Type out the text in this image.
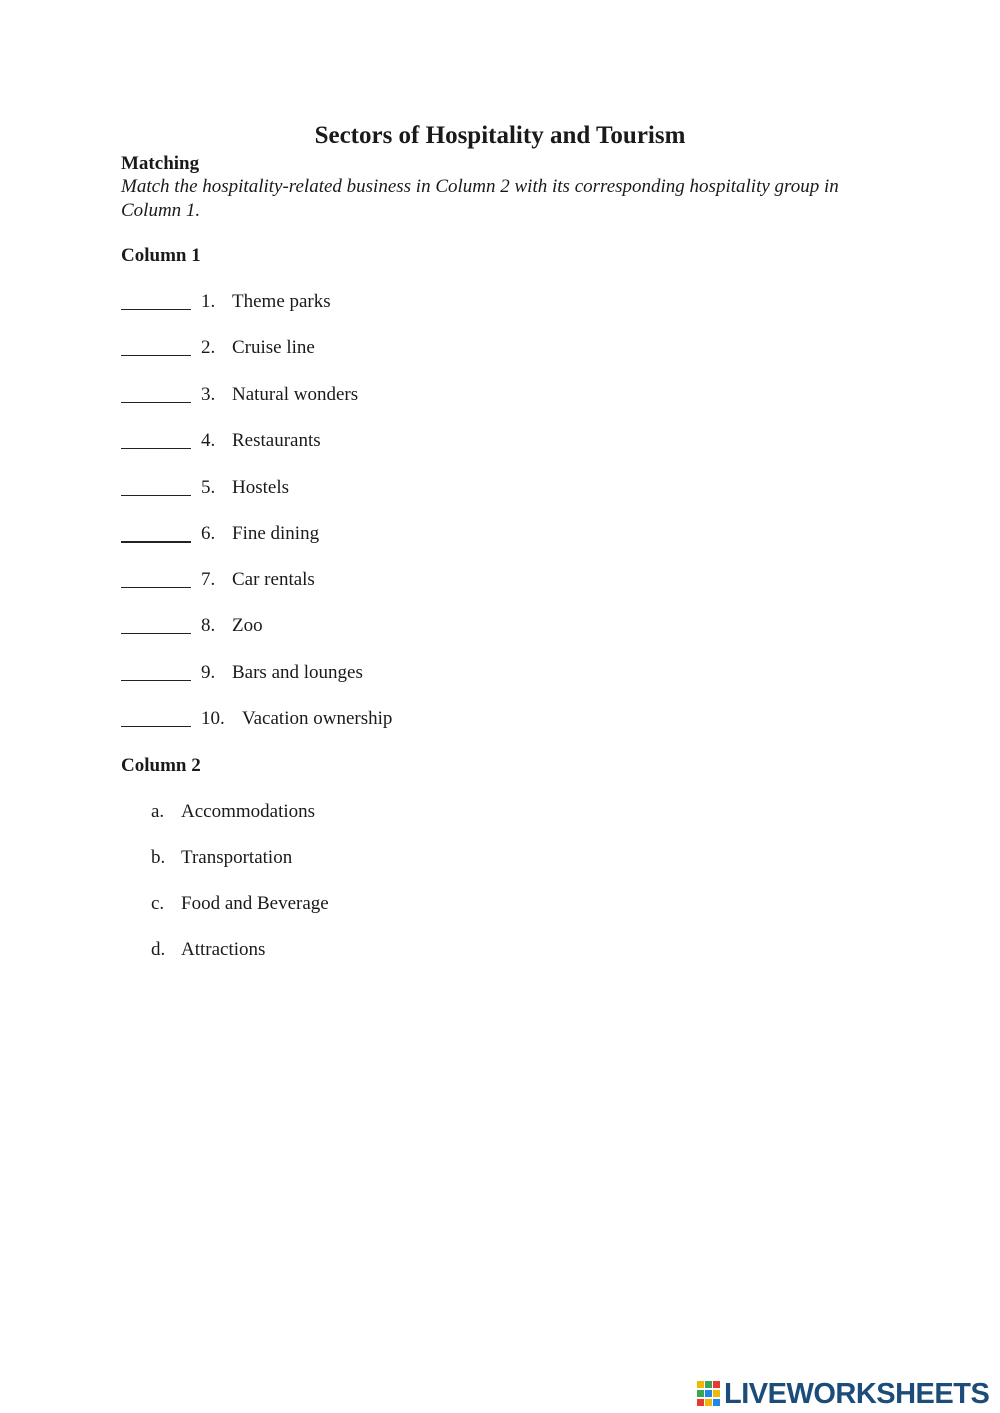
Sectors of Hospitality and Tourism
Matching
Match the hospitality-related business in Column 2 with its corresponding hospitality group in Column 1.
Column 1
1. Theme parks
2. Cruise line
3. Natural wonders
4. Restaurants
5. Hostels
6. Fine dining
7. Car rentals
8. Zoo
9. Bars and lounges
10. Vacation ownership
Column 2
a. Accommodations
b. Transportation
c. Food and Beverage
d. Attractions
LIVEWORKSHEETS
